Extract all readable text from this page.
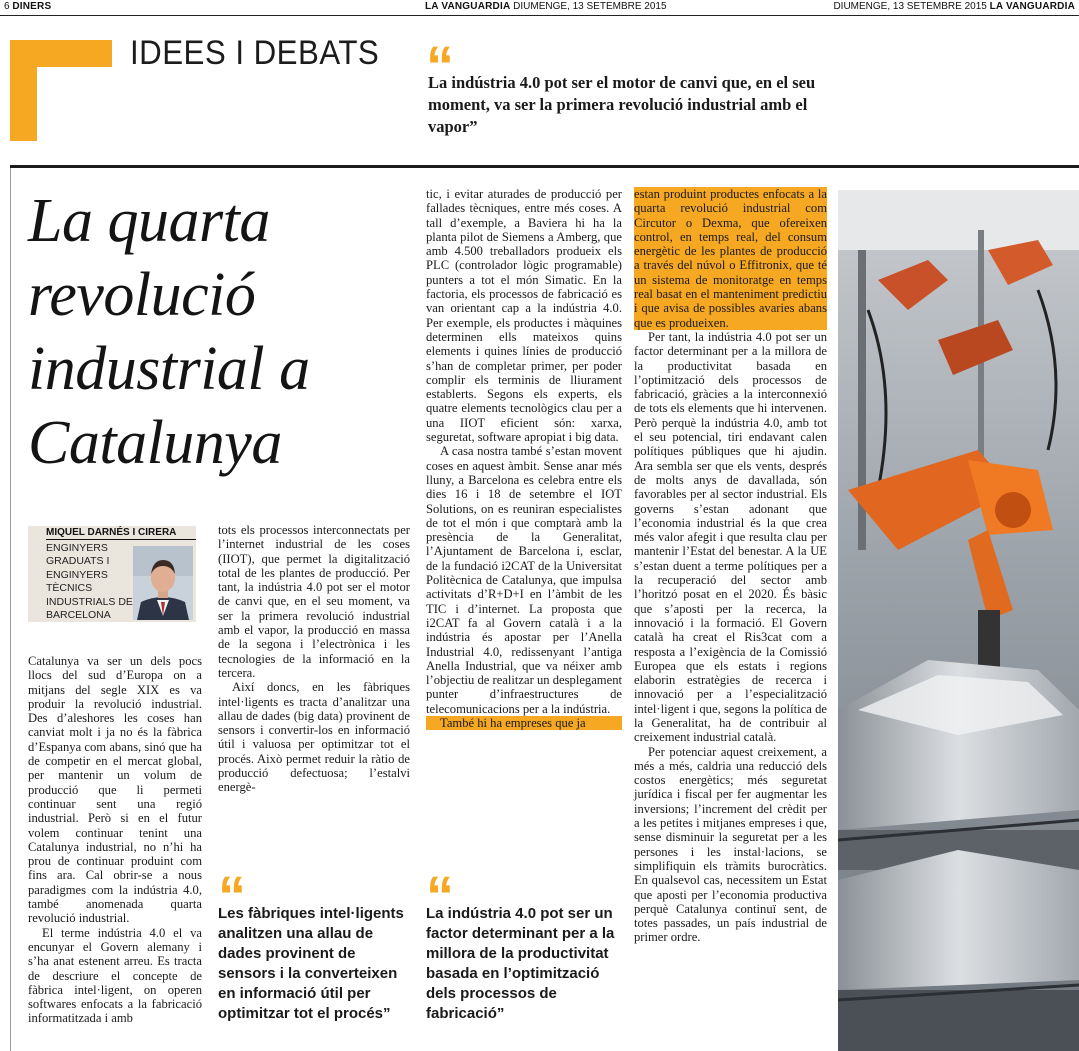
6 DINERS	LA VANGUARDIA DIUMENGE, 13 SETEMBRE 2015	DIUMENGE, 13 SETEMBRE 2015 LA VANGUARDIA
IDEES I DEBATS “
La indústria 4.0 pot ser el motor de canvi que, en el seu moment, va ser la primera revolució industrial amb el vapor”
La quarta
revolució
industrial a
Catalunya
MIQUEL DARNÉS I CIRERA
ENGINYERS GRADUATS I ENGINYERS TÈCNICS INDUSTRIALS DE BARCELONA

Catalunya va ser un dels pocs llocs del sud d’Europa on a mitjans del segle XIX es va produir la revolució industrial. Des d’aleshores les coses han canviat molt i ja no és la fàbrica d’Espanya com abans, sinó que ha de competir en el mercat global, per mantenir un volum de producció que li permeti continuar sent una regió industrial. Però si en el futur volem continuar tenint una Catalunya industrial, no n’hi ha prou de continuar produint com fins ara. Cal obrir-se a nous paradigmes com la indústria 4.0, també anomenada quarta revolució industrial.

El terme indústria 4.0 el va encunyar el Govern alemany i s’ha anat estenent arreu. Es tracta de descriure el concepte de fàbrica intel·ligent, on operen softwares enfocats a la fabricació informatitzada i amb

tots els processos interconnectats per l’internet industrial de les coses (IIOT), que permet la digitalització total de les plantes de producció. Per tant, la indústria 4.0 pot ser el motor de canvi que, en el seu moment, va ser la primera revolució industrial amb el vapor, la producció en massa de la segona i l’electrònica i les tecnologies de la informació en la tercera.

Així doncs, en les fàbriques intel·ligents es tracta d’analitzar una allau de dades (big data) provinent de sensors i convertir-los en informació útil i valuosa per optimitzar tot el procés. Això permet reduir la ràtio de producció defectuosa; l’estalvi energè-

“
Les fàbriques intel·ligents analitzen una allau de dades provinent de sensors i la converteixen en informació útil per optimitzar tot el procés”

tic, i evitar aturades de producció per fallades tècniques, entre més coses. A tall d’exemple, a Baviera hi ha la planta pilot de Siemens a Amberg, que amb 4.500 treballadors produeix els PLC (controlador lògic programable) punters a tot el món Simatic. En la factoria, els processos de fabricació es van orientant cap a la indústria 4.0. Per exemple, els productes i màquines determinen ells mateixos quins elements i quines línies de producció s’han de completar primer, per poder complir els terminis de lliurament establerts. Segons els experts, els quatre elements tecnològics clau per a una IIOT eficient són: xarxa, seguretat, software apropiat i big data.

A casa nostra també s’estan movent coses en aquest àmbit. Sense anar més lluny, a Barcelona es celebra entre els dies 16 i 18 de setembre el IOT Solutions, on es reuniran especialistes de tot el món i que comptarà amb la presència de la Generalitat, l’Ajuntament de Barcelona i, esclar, de la fundació i2CAT de la Universitat Politècnica de Catalunya, que impulsa activitats d’R+D+I en l’àmbit de les TIC i d’internet. La proposta que i2CAT fa al Govern català i a la indústria és apostar per l’Anella Industrial 4.0, redissenyant l’antiga Anella Industrial, que va néixer amb l’objectiu de realitzar un desplegament punter d’infraestructures de telecomunicacions per a la indústria.

També hi ha empreses que ja

“
La indústria 4.0 pot ser un factor determinant per a la millora de la productivitat basada en l’optimització dels processos de fabricació”

estan produint productes enfocats a la quarta revolució industrial com Circutor o Dexma, que ofereixen control, en temps real, del consum energètic de les plantes de producció a través del núvol o Effitronix, que té un sistema de monitoratge en temps real basat en el manteniment predictiu i que avisa de possibles avaries abans que es produeixen.

Per tant, la indústria 4.0 pot ser un factor determinant per a la millora de la productivitat basada en l’optimització dels processos de fabricació, gràcies a la interconnexió de tots els elements que hi intervenen. Però perquè la indústria 4.0, amb tot el seu potencial, tiri endavant calen polítiques públiques que hi ajudin. Ara sembla ser que els vents, després de molts anys de davallada, són favorables per al sector industrial. Els governs s’estan adonant que l’economia industrial és la que crea més valor afegit i que resulta clau per mantenir l’Estat del benestar. A la UE s’estan duent a terme polítiques per a la recuperació del sector amb l’horitzó posat en el 2020. És bàsic que s’aposti per la recerca, la innovació i la formació. El Govern català ha creat el Ris3cat com a resposta a l’exigència de la Comissió Europea que els estats i regions elaborin estratègies de recerca i innovació per a l’especialització intel·ligent i que, segons la política de la Generalitat, ha de contribuir al creixement industrial català.

Per potenciar aquest creixement, a més a més, caldria una reducció dels costos energètics; més seguretat jurídica i fiscal per fer augmentar les inversions; l’increment del crèdit per a les petites i mitjanes empreses i que, sense disminuir la seguretat per a les persones i les instal·lacions, se simplifiquin els tràmits burocràtics. En qualsevol cas, necessitem un Estat que aposti per l’economia productiva perquè Catalunya continuï sent, de totes passades, un país industrial de primer ordre.
